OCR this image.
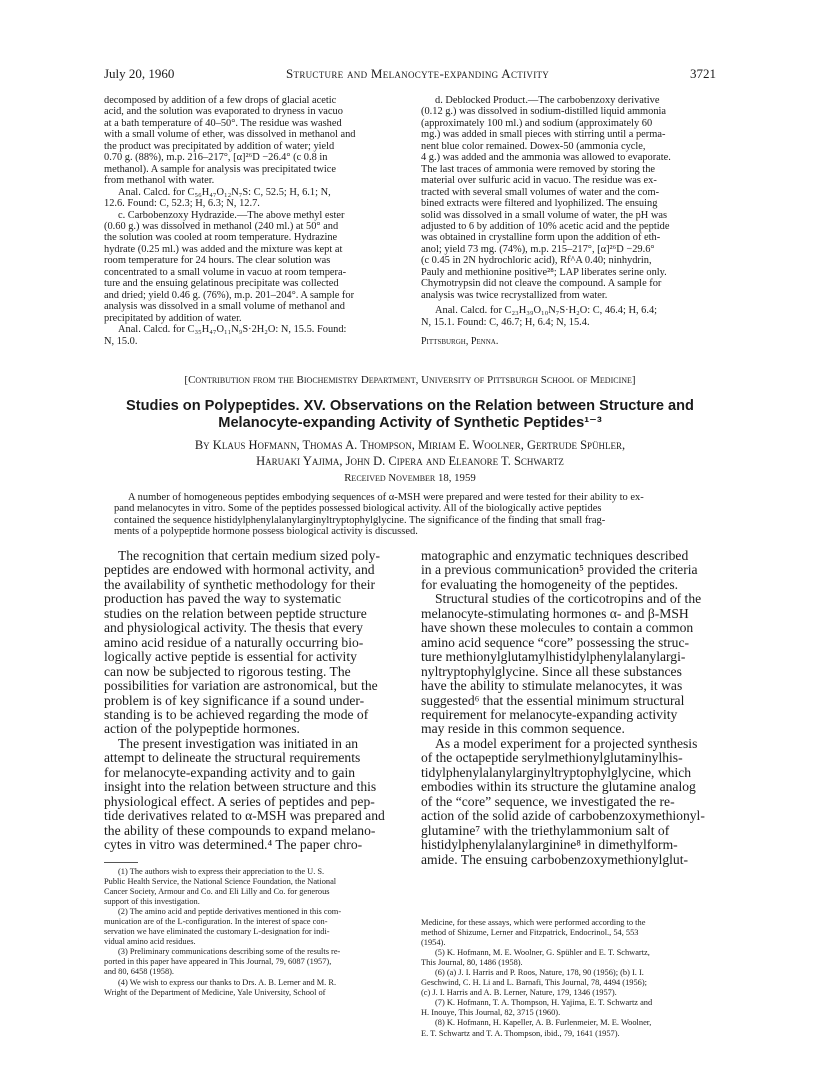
July 20, 1960	Structure and Melanocyte-expanding Activity	3721
decomposed by addition of a few drops of glacial acetic
acid, and the solution was evaporated to dryness in vacuo
at a bath temperature of 40–50°. The residue was washed
with a small volume of ether, was dissolved in methanol and
the product was precipitated by addition of water; yield
0.70 g. (88%), m.p. 216–217°, [α]²⁶D −26.4° (c 0.8 in
methanol). A sample for analysis was precipitated twice
from methanol with water.
Anal. Calcd. for C₅₆H₄₇O₁₂N₇S: C, 52.5; H, 6.1; N,
12.6. Found: C, 52.3; H, 6.3; N, 12.7.
c. Carbobenzoxy Hydrazide.—The above methyl ester
(0.60 g.) was dissolved in methanol (240 ml.) at 50° and
the solution was cooled at room temperature. Hydrazine
hydrate (0.25 ml.) was added and the mixture was kept at
room temperature for 24 hours. The clear solution was
concentrated to a small volume in vacuo at room tempera-
ture and the ensuing gelatinous precipitate was collected
and dried; yield 0.46 g. (76%), m.p. 201–204°. A sample for
analysis was dissolved in a small volume of methanol and
precipitated by addition of water.
Anal. Calcd. for C₃₅H₄₇O₁₁N₉S·2H₂O: N, 15.5. Found:
N, 15.0.
d. Deblocked Product.—The carbobenzoxy derivative
(0.12 g.) was dissolved in sodium-distilled liquid ammonia
(approximately 100 ml.) and sodium (approximately 60
mg.) was added in small pieces with stirring until a perma-
nent blue color remained. Dowex-50 (ammonia cycle,
4 g.) was added and the ammonia was allowed to evaporate.
The last traces of ammonia were removed by storing the
material over sulfuric acid in vacuo. The residue was ex-
tracted with several small volumes of water and the com-
bined extracts were filtered and lyophilized. The ensuing
solid was dissolved in a small volume of water, the pH was
adjusted to 6 by addition of 10% acetic acid and the peptide
was obtained in crystalline form upon the addition of eth-
anol; yield 73 mg. (74%), m.p. 215–217°, [α]²⁶D −29.6°
(c 0.45 in 2N hydrochloric acid), Rf^A 0.40; ninhydrin,
Pauly and methionine positive²⁸; LAP liberates serine only.
Chymotrypsin did not cleave the compound. A sample for
analysis was twice recrystallized from water.
Anal. Calcd. for C₂₃H₃₉O₁₀N₇S·H₂O: C, 46.4; H, 6.4;
N, 15.1. Found: C, 46.7; H, 6.4; N, 15.4.
Pittsburgh, Penna.
[Contribution from the Biochemistry Department, University of Pittsburgh School of Medicine]
Studies on Polypeptides. XV. Observations on the Relation between Structure and
Melanocyte-expanding Activity of Synthetic Peptides¹⁻³
By Klaus Hofmann, Thomas A. Thompson, Miriam E. Woolner, Gertrude Spühler,
Haruaki Yajima, John D. Cipera and Eleanore T. Schwartz
Received November 18, 1959
A number of homogeneous peptides embodying sequences of α-MSH were prepared and were tested for their ability to ex-
pand melanocytes in vitro. Some of the peptides possessed biological activity. All of the biologically active peptides
contained the sequence histidylphenylalanylarginyltryptophylglycine. The significance of the finding that small frag-
ments of a polypeptide hormone possess biological activity is discussed.
The recognition that certain medium sized poly-
peptides are endowed with hormonal activity, and
the availability of synthetic methodology for their
production has paved the way to systematic
studies on the relation between peptide structure
and physiological activity. The thesis that every
amino acid residue of a naturally occurring bio-
logically active peptide is essential for activity
can now be subjected to rigorous testing. The
possibilities for variation are astronomical, but the
problem is of key significance if a sound under-
standing is to be achieved regarding the mode of
action of the polypeptide hormones.
The present investigation was initiated in an
attempt to delineate the structural requirements
for melanocyte-expanding activity and to gain
insight into the relation between structure and this
physiological effect. A series of peptides and pep-
tide derivatives related to α-MSH was prepared and
the ability of these compounds to expand melano-
cytes in vitro was determined.⁴ The paper chro-
matographic and enzymatic techniques described
in a previous communication⁵ provided the criteria
for evaluating the homogeneity of the peptides.
Structural studies of the corticotropins and of the
melanocyte-stimulating hormones α- and β-MSH
have shown these molecules to contain a common
amino acid sequence “core” possessing the struc-
ture methionylglutamylhistidylphenylalanylargi-
nyltryptophylglycine. Since all these substances
have the ability to stimulate melanocytes, it was
suggested⁶ that the essential minimum structural
requirement for melanocyte-expanding activity
may reside in this common sequence.
As a model experiment for a projected synthesis
of the octapeptide serylmethionylglutaminylhis-
tidylphenylalanylarginyltryptophylglycine, which
embodies within its structure the glutamine analog
of the “core” sequence, we investigated the re-
action of the solid azide of carbobenzoxymethionyl-
glutamine⁷ with the triethylammonium salt of
histidylphenylalanylarginine⁸ in dimethylform-
amide. The ensuing carbobenzoxymethionylglut-
(1) The authors wish to express their appreciation to the U. S.
Public Health Service, the National Science Foundation, the National
Cancer Society, Armour and Co. and Eli Lilly and Co. for generous
support of this investigation.
(2) The amino acid and peptide derivatives mentioned in this com-
munication are of the L-configuration. In the interest of space con-
servation we have eliminated the customary L-designation for indi-
vidual amino acid residues.
(3) Preliminary communications describing some of the results re-
ported in this paper have appeared in This Journal, 79, 6087 (1957),
and 80, 6458 (1958).
(4) We wish to express our thanks to Drs. A. B. Lerner and M. R.
Wright of the Department of Medicine, Yale University, School of
Medicine, for these assays, which were performed according to the
method of Shizume, Lerner and Fitzpatrick, Endocrinol., 54, 553
(1954).
(5) K. Hofmann, M. E. Woolner, G. Spühler and E. T. Schwartz,
This Journal, 80, 1486 (1958).
(6) (a) J. I. Harris and P. Roos, Nature, 178, 90 (1956); (b) I. I.
Geschwind, C. H. Li and L. Barnafi, This Journal, 78, 4494 (1956);
(c) J. I. Harris and A. B. Lerner, Nature, 179, 1346 (1957).
(7) K. Hofmann, T. A. Thompson, H. Yajima, E. T. Schwartz and
H. Inouye, This Journal, 82, 3715 (1960).
(8) K. Hofmann, H. Kapeller, A. B. Furlenmeier, M. E. Woolner,
E. T. Schwartz and T. A. Thompson, ibid., 79, 1641 (1957).
